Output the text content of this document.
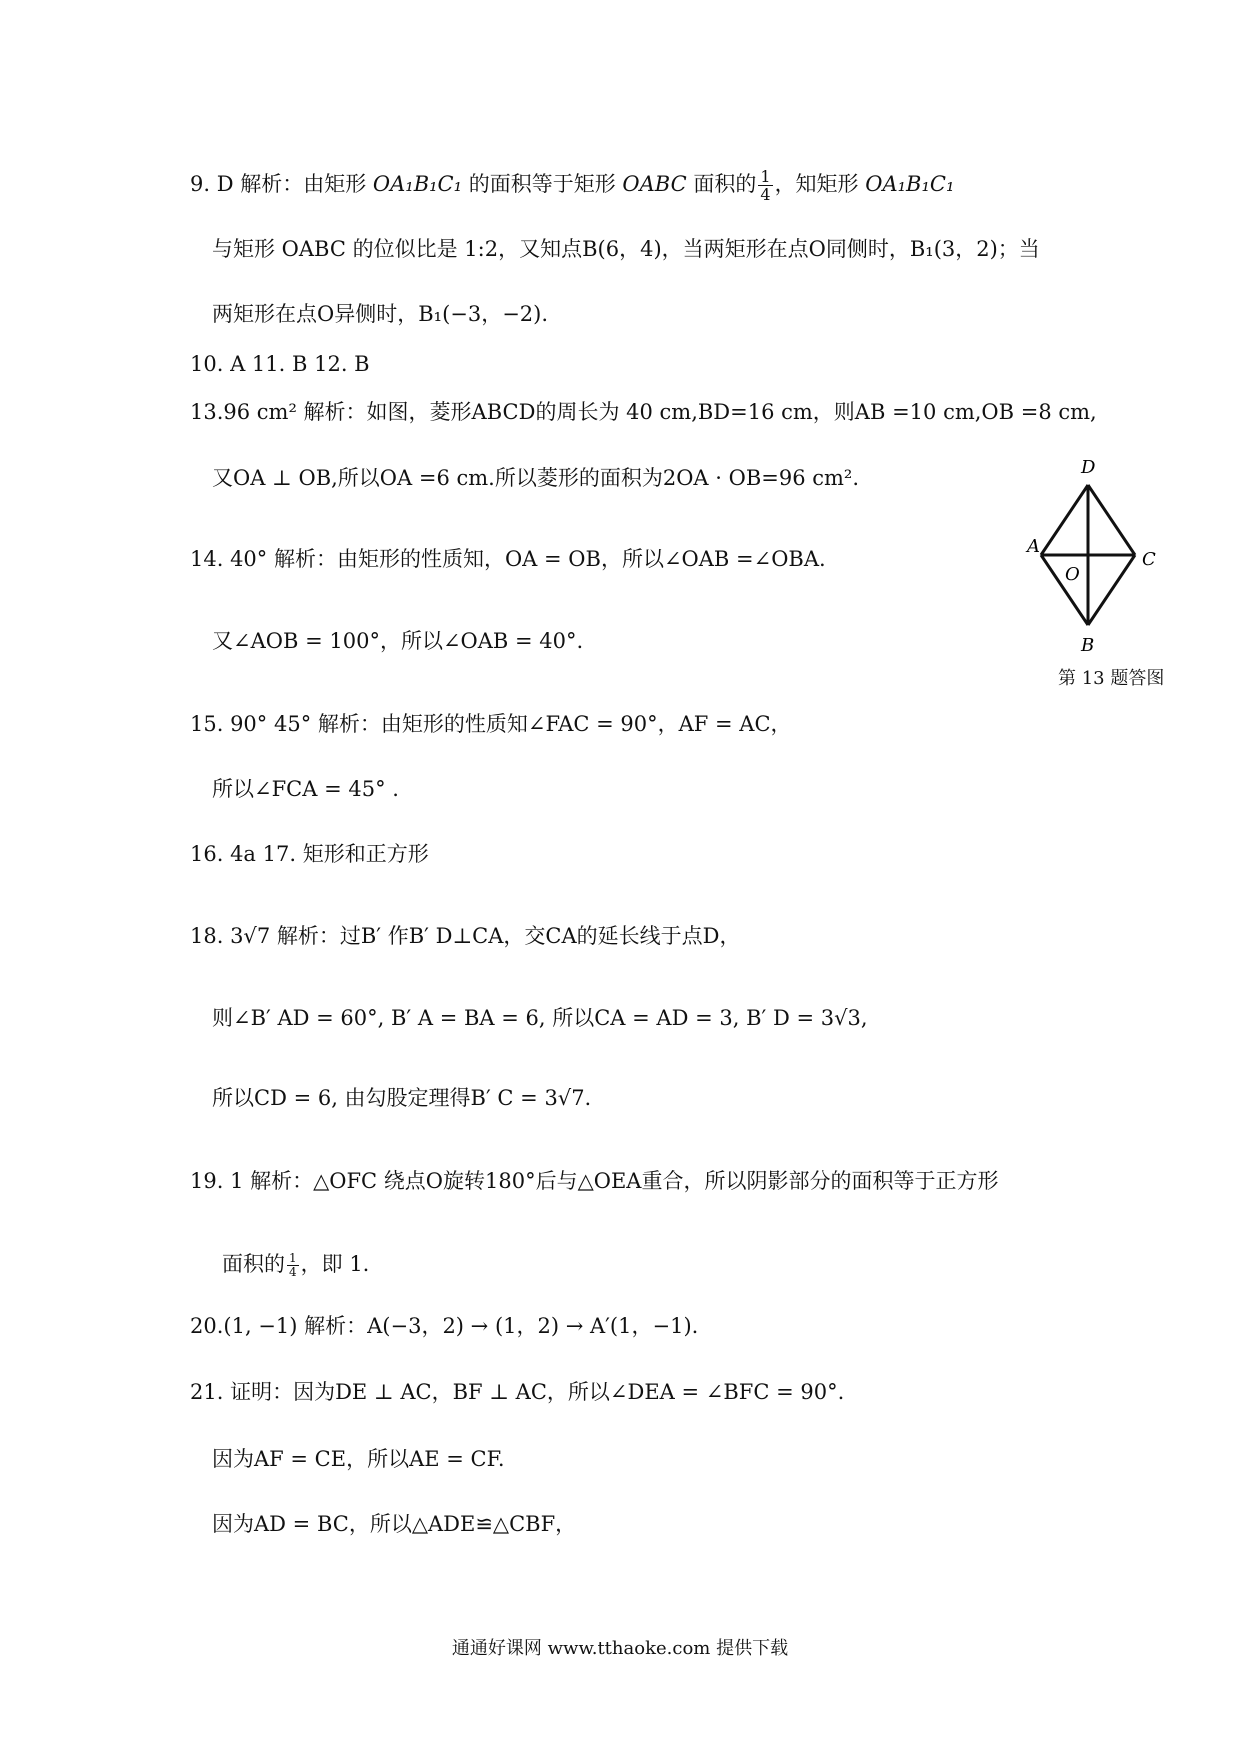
9. D 解析：由矩形 OA₁B₁C₁ 的面积等于矩形 OABC 面积的 $\frac{1}{4}$ ，知矩形 OA₁B₁C₁
与矩形 OABC 的位似比是 1:2，又知点B(6，4)，当两矩形在点O同侧时，B₁(3，2)；当
两矩形在点O异侧时，B₁(−3，−2).
10. A 11. B 12. B
13.96 cm² 解析：如图，菱形ABCD的周长为 40 cm,BD=16 cm，则AB =10 cm,OB =8 cm,
又OA ⊥ OB,所以OA =6 cm.所以菱形的面积为2OA · OB=96 cm².
14. 40° 解析：由矩形的性质知，OA = OB，所以∠OAB =∠OBA.
又∠AOB = 100°，所以∠OAB = 40°.
15. 90° 45° 解析：由矩形的性质知∠FAC = 90°，AF = AC，
所以∠FCA = 45° .
16. 4a 17. 矩形和正方形
18. 3√7 解析：过B′ 作B′ D⊥CA，交CA的延长线于点D，
则∠B′ AD = 60°, B′ A = BA = 6, 所以CA = AD = 3, B′ D = 3√3,
所以CD = 6, 由勾股定理得B′ C = 3√7.
19. 1 解析：△OFC 绕点O旋转180°后与△OEA重合，所以阴影部分的面积等于正方形
面积的 $\frac{1}{4}$ ，即 1.
20.(1, −1) 解析：A(−3，2) → (1，2) → A′(1，−1).
21. 证明：因为DE ⊥ AC，BF ⊥ AC，所以∠DEA = ∠BFC = 90°.
因为AF = CE，所以AE = CF.
因为AD = BC，所以△ADE≌△CBF，
D
A
C
O
B
第 13 题答图
通通好课网 www.tthaoke.com 提供下载
